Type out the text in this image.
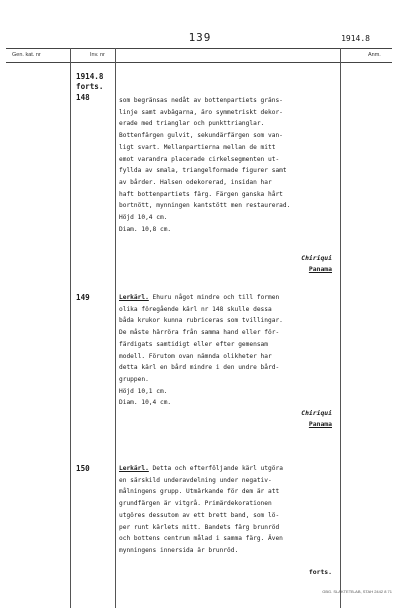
139	1914.8
Gen. kat. nr	Inv. nr	Anm.
1914.8
forts.
148	som begränsas nedåt av bottenpartiets gräns-
linje samt avbägarna, äro symmetriskt dekor-
erade med trianglar och punkttrianglar.
Bottenfärgen gulvit, sekundärfärgen som van-
ligt svart. Mellanpartierna mellan de mitt
emot varandra placerade cirkelsegmenten ut-
fyllda av smala, triangelformade figurer samt
av bårder. Halsen odekorerad, insidan har
haft bottenpartiets färg. Färgen ganska hårt
bortnött, mynningen kantstött men restaurerad.
Höjd 10,4 cm.
Diam. 10,8 cm.
Chiriqui
Panama
149	Lerkärl. Ehuru något mindre och till formen
olika föregående kärl nr 148 skulle dessa
båda krukor kunna rubriceras som tvillingar.
De måste härröra från samma hand eller för-
färdigats samtidigt eller efter gemensam
modell. Förutom ovan nämnda olikheter har
detta kärl en bård mindre i den undre bård-
gruppen.
Höjd 10,1 cm.
Diam. 10,4 cm.
Chiriqui
Panama
150	Lerkärl. Detta och efterföljande kärl utgöra
en särskild underavdelning under negativ-
målningens grupp. Utmärkande för dem är att
grundfärgen är vitgrå. Primärdekorationen
utgöres dessutom av ett brett band, som lö-
per runt kärlets mitt. Bandets färg brunröd
och bottens centrum målad i samma färg. Även
mynningens innersida är brunröd.
forts.
GBG. SLAKTETB-AB, STAH 2442 8 71
